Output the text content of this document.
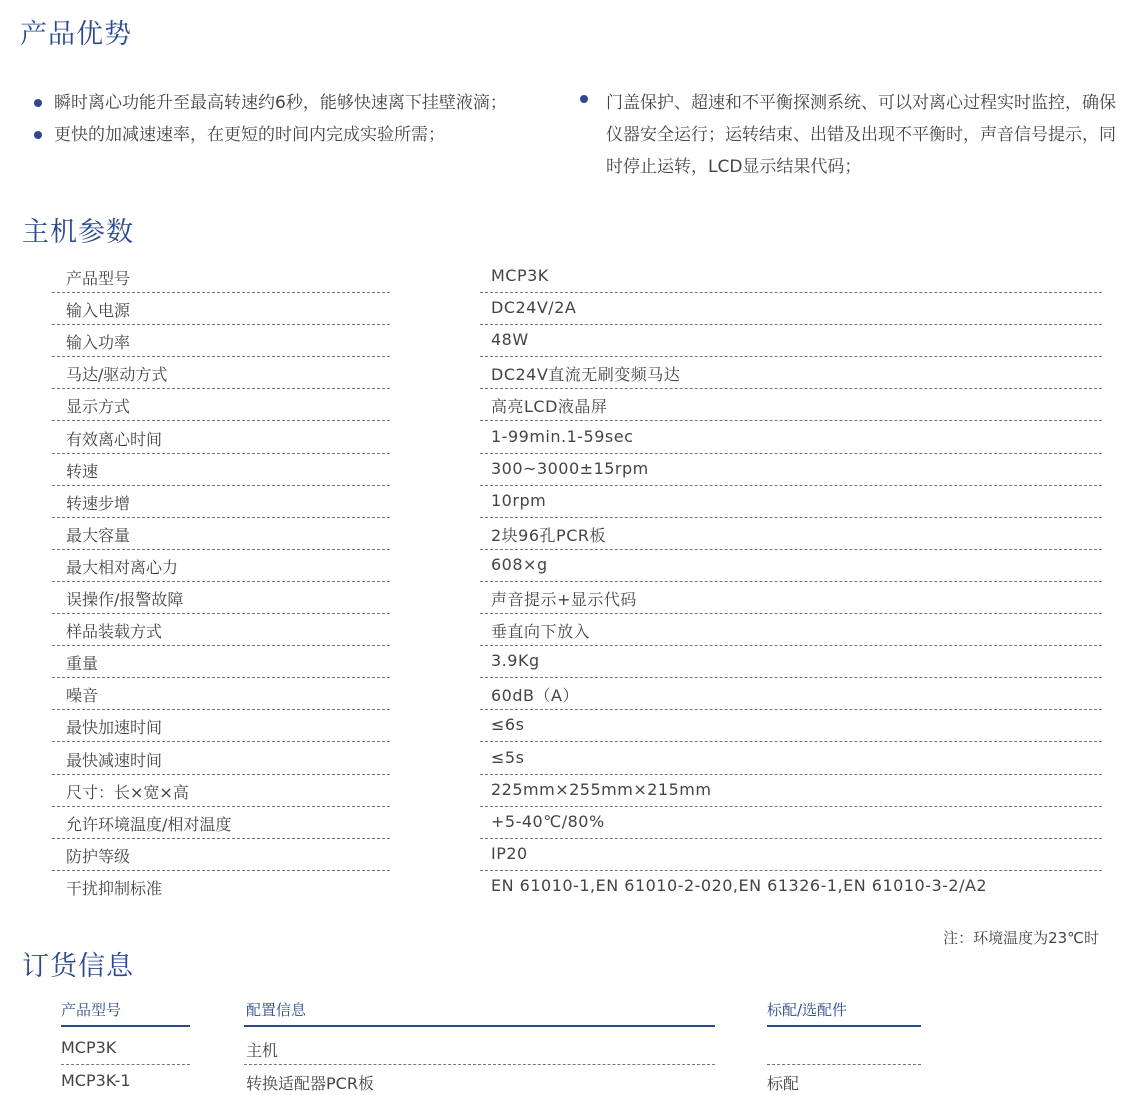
产品优势
瞬时离心功能升至最高转速约6秒，能够快速离下挂壁液滴；
更快的加减速速率，在更短的时间内完成实验所需；
门盖保护、超速和不平衡探测系统、可以对离心过程实时监控，确保仪器安全运行；运转结束、出错及出现不平衡时，声音信号提示，同时停止运转，LCD显示结果代码；
主机参数
产品型号	MCP3K
输入电源	DC24V/2A
输入功率	48W
马达/驱动方式	DC24V直流无刷变频马达
显示方式	高亮LCD液晶屏
有效离心时间	1-99min.1-59sec
转速	300~3000±15rpm
转速步增	10rpm
最大容量	2块96孔PCR板
最大相对离心力	608×g
误操作/报警故障	声音提示+显示代码
样品装载方式	垂直向下放入
重量	3.9Kg
噪音	60dB（A）
最快加速时间	≤6s
最快减速时间	≤5s
尺寸：长×宽×高	225mm×255mm×215mm
允许环境温度/相对温度	+5-40℃/80%
防护等级	IP20
干扰抑制标准	EN 61010-1,EN 61010-2-020,EN 61326-1,EN 61010-3-2/A2
注：环境温度为23℃时
订货信息
产品型号	配置信息	标配/选配件
MCP3K	主机
MCP3K-1	转换适配器PCR板	标配
